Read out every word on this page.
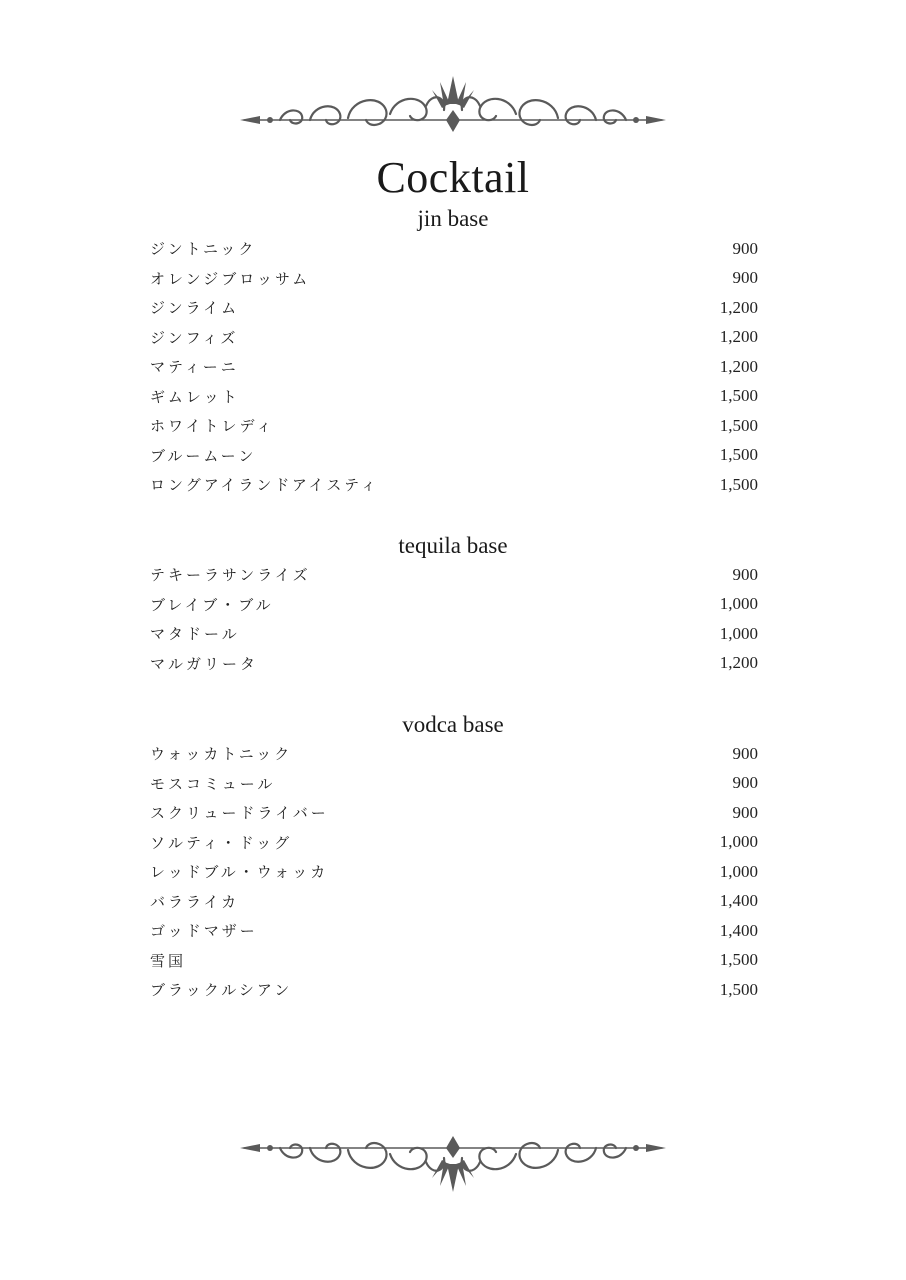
Cocktail
jin base
ジントニック	900
オレンジブロッサム	900
ジンライム	1,200
ジンフィズ	1,200
マティーニ	1,200
ギムレット	1,500
ホワイトレディ	1,500
ブルームーン	1,500
ロングアイランドアイスティ	1,500
tequila base
テキーラサンライズ	900
ブレイブ・ブル	1,000
マタドール	1,000
マルガリータ	1,200
vodca base
ウォッカトニック	900
モスコミュール	900
スクリュードライバー	900
ソルティ・ドッグ	1,000
レッドブル・ウォッカ	1,000
バラライカ	1,400
ゴッドマザー	1,400
雪国	1,500
ブラックルシアン	1,500
